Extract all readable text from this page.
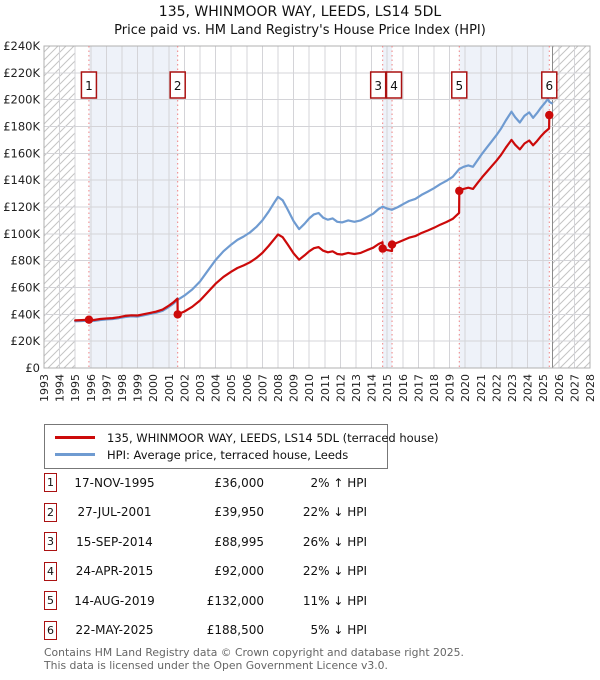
135, WHINMOOR WAY, LEEDS, LS14 5DL
Price paid vs. HM Land Registry's House Price Index (HPI)
1	2	3 4	5	6
£0
£20K
£40K
£60K
£80K
£100K
£120K
£140K
£160K
£180K
£200K
£220K
£240K
1993 1994 1995 1996 1997 1998 1999 2000 2001 2002 2003 2004 2005 2006 2007 2008 2009 2010 2011 2012 2013 2014 2015 2016 2017 2018 2019 2020 2021 2022 2023 2024 2025 2026 2027 2028
135, WHINMOOR WAY, LEEDS, LS14 5DL (terraced house)
HPI: Average price, terraced house, Leeds
1	17-NOV-1995	£36,000	2% ↑ HPI
2	27-JUL-2001	£39,950	22% ↓ HPI
3	15-SEP-2014	£88,995	26% ↓ HPI
4	24-APR-2015	£92,000	22% ↓ HPI
5	14-AUG-2019	£132,000	11% ↓ HPI
6	22-MAY-2025	£188,500	5% ↓ HPI
Contains HM Land Registry data © Crown copyright and database right 2025.
This data is licensed under the Open Government Licence v3.0.
